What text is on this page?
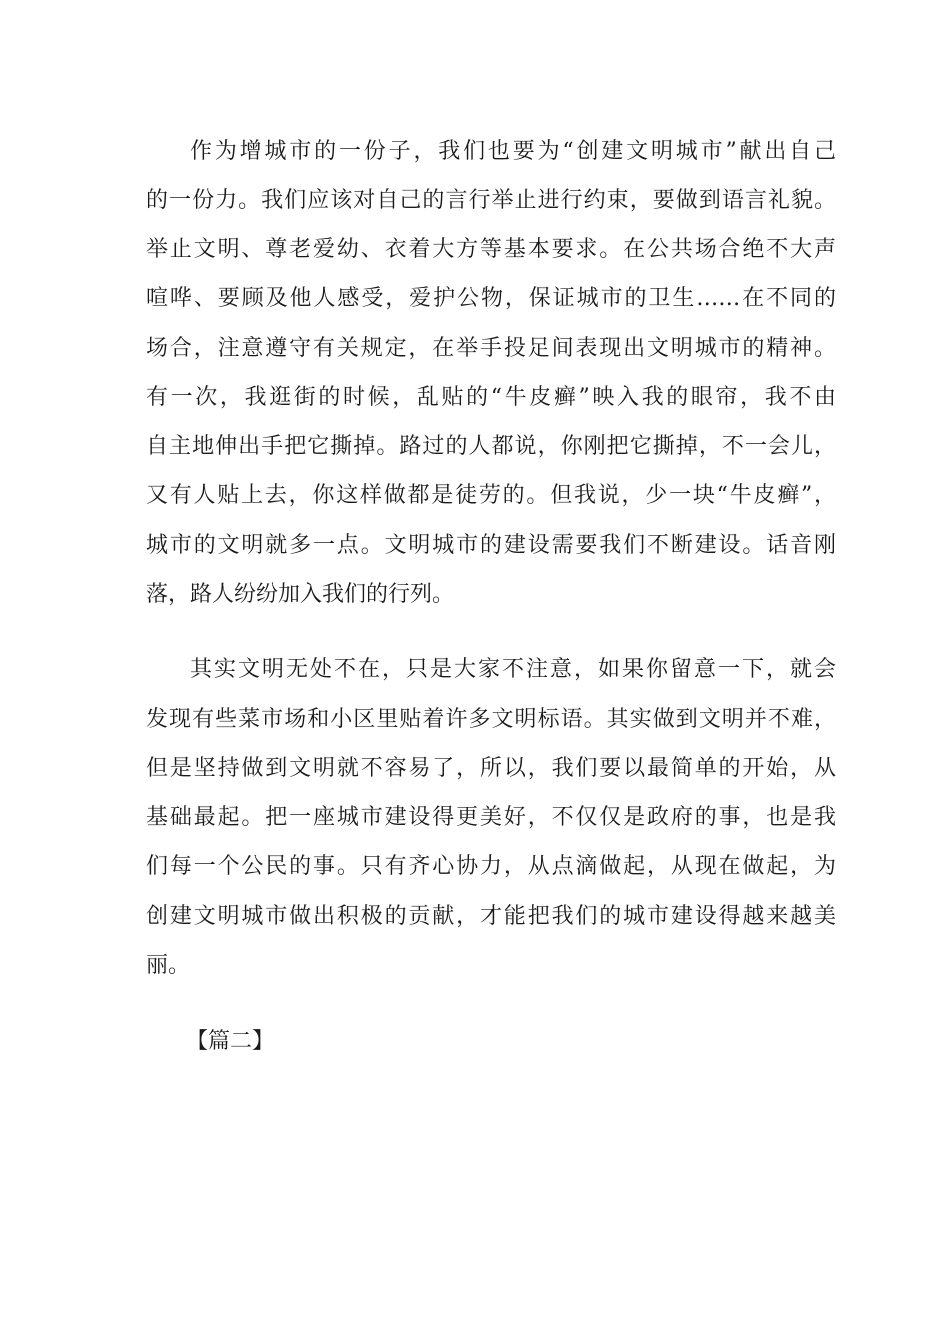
作为增城市的一份子，我们也要为“创建文明城市”献出自己
的一份力。我们应该对自己的言行举止进行约束，要做到语言礼貌。
举止文明、尊老爱幼、衣着大方等基本要求。在公共场合绝不大声
喧哗、要顾及他人感受，爱护公物，保证城市的卫生……在不同的
场合，注意遵守有关规定，在举手投足间表现出文明城市的精神。
有一次，我逛街的时候，乱贴的“牛皮癣”映入我的眼帘，我不由
自主地伸出手把它撕掉。路过的人都说，你刚把它撕掉，不一会儿，
又有人贴上去，你这样做都是徒劳的。但我说，少一块“牛皮癣”，
城市的文明就多一点。文明城市的建设需要我们不断建设。话音刚
落，路人纷纷加入我们的行列。
其实文明无处不在，只是大家不注意，如果你留意一下，就会
发现有些菜市场和小区里贴着许多文明标语。其实做到文明并不难，
但是坚持做到文明就不容易了，所以，我们要以最简单的开始，从
基础最起。把一座城市建设得更美好，不仅仅是政府的事，也是我
们每一个公民的事。只有齐心协力，从点滴做起，从现在做起，为
创建文明城市做出积极的贡献，才能把我们的城市建设得越来越美
丽。
【篇二】
